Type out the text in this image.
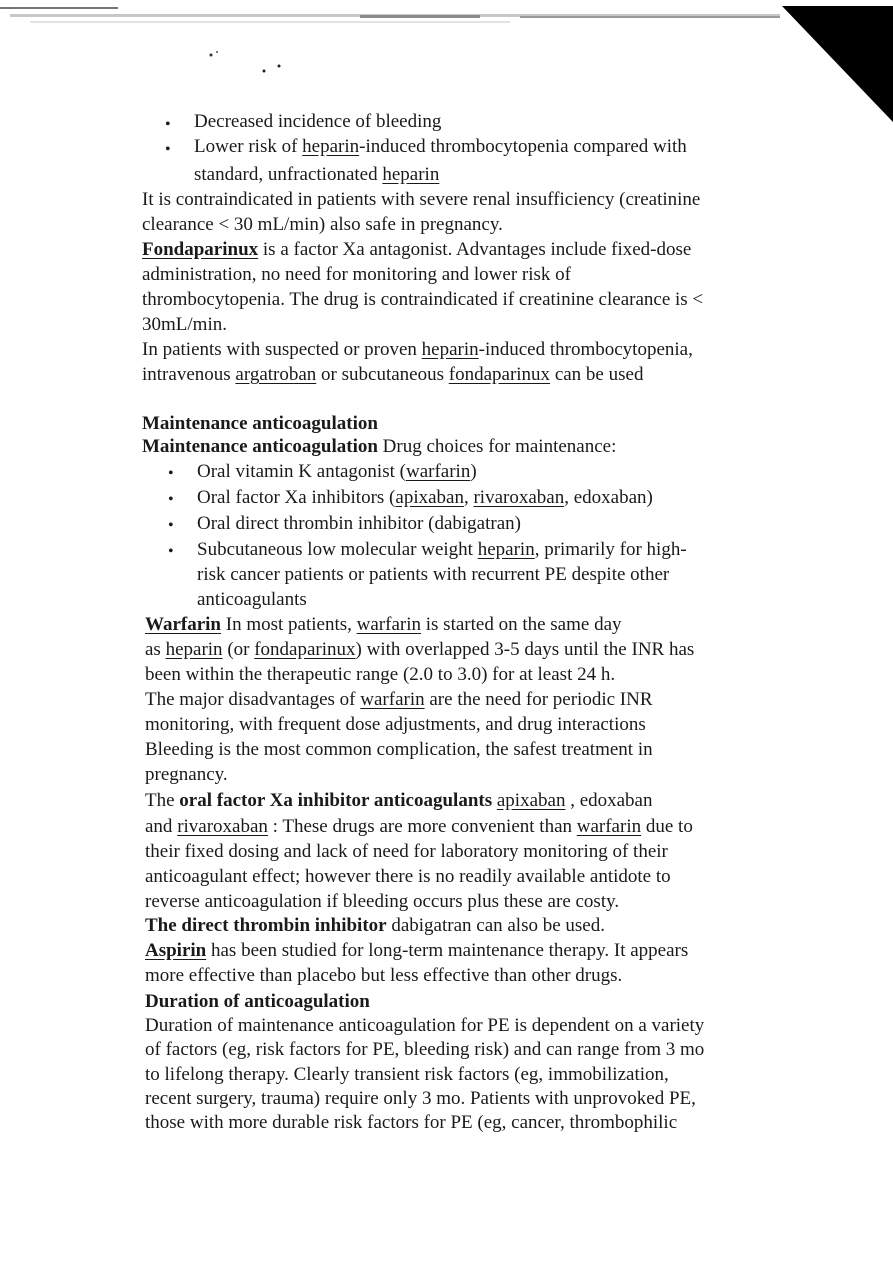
• Decreased incidence of bleeding
• Lower risk of heparin-induced thrombocytopenia compared with
standard, unfractionated heparin
It is contraindicated in patients with severe renal insufficiency (creatinine
clearance < 30 mL/min) also safe in pregnancy.
Fondaparinux is a factor Xa antagonist. Advantages include fixed-dose
administration, no need for monitoring and lower risk of
thrombocytopenia. The drug is contraindicated if creatinine clearance is <
30mL/min.
In patients with suspected or proven heparin-induced thrombocytopenia,
intravenous argatroban or subcutaneous fondaparinux can be used
Maintenance anticoagulation
Maintenance anticoagulation Drug choices for maintenance:
• Oral vitamin K antagonist (warfarin)
• Oral factor Xa inhibitors (apixaban, rivaroxaban, edoxaban)
• Oral direct thrombin inhibitor (dabigatran)
• Subcutaneous low molecular weight heparin, primarily for high-
risk cancer patients or patients with recurrent PE despite other
anticoagulants
Warfarin In most patients, warfarin is started on the same day
as heparin (or fondaparinux) with overlapped 3-5 days until the INR has
been within the therapeutic range (2.0 to 3.0) for at least 24 h.
The major disadvantages of warfarin are the need for periodic INR
monitoring, with frequent dose adjustments, and drug interactions
Bleeding is the most common complication, the safest treatment in
pregnancy.
The oral factor Xa inhibitor anticoagulants apixaban , edoxaban
and rivaroxaban : These drugs are more convenient than warfarin due to
their fixed dosing and lack of need for laboratory monitoring of their
anticoagulant effect; however there is no readily available antidote to
reverse anticoagulation if bleeding occurs plus these are costy.
The direct thrombin inhibitor dabigatran can also be used.
Aspirin has been studied for long-term maintenance therapy. It appears
more effective than placebo but less effective than other drugs.
Duration of anticoagulation
Duration of maintenance anticoagulation for PE is dependent on a variety
of factors (eg, risk factors for PE, bleeding risk) and can range from 3 mo
to lifelong therapy. Clearly transient risk factors (eg, immobilization,
recent surgery, trauma) require only 3 mo. Patients with unprovoked PE,
those with more durable risk factors for PE (eg, cancer, thrombophilic
